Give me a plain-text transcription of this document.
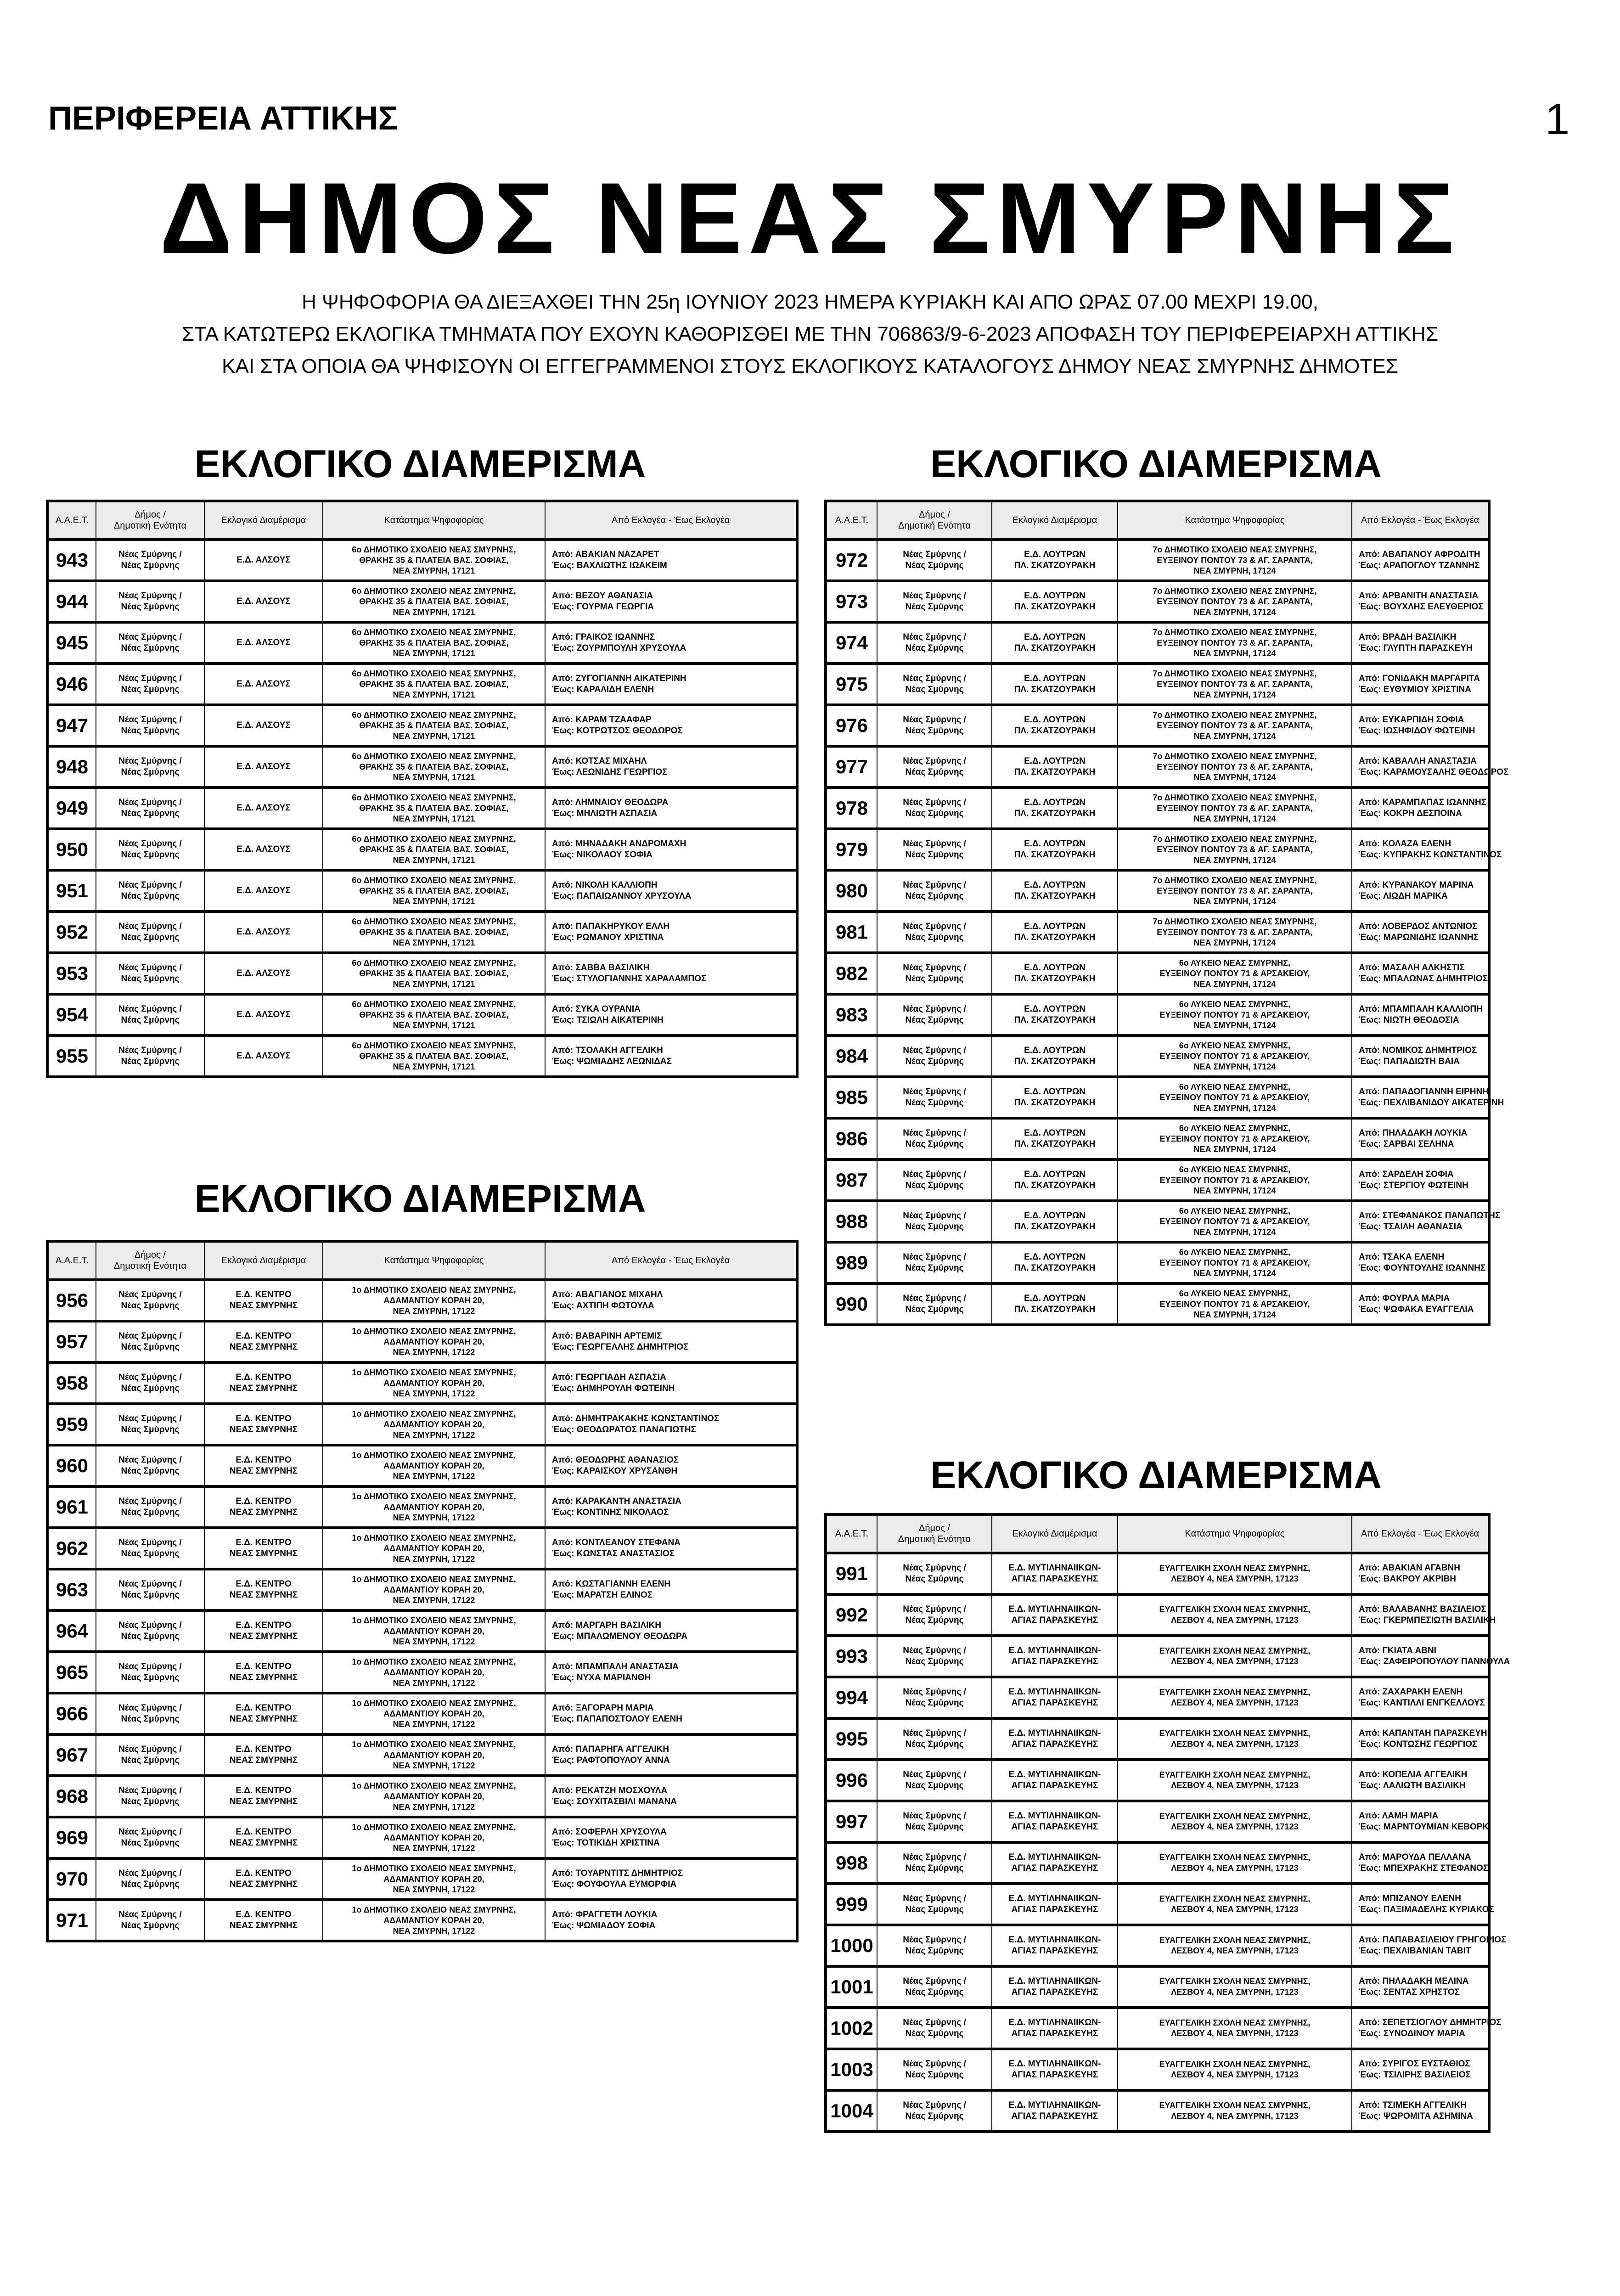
ΠΕΡΙΦΕΡΕΙΑ ΑΤΤΙΚΗΣ	1
ΔΗΜΟΣ ΝΕΑΣ ΣΜΥΡΝΗΣ
Η ΨΗΦΟΦΟΡΙΑ ΘΑ ΔΙΕΞΑΧΘΕΙ ΤΗΝ 25η ΙΟΥΝΙΟΥ 2023 ΗΜΕΡΑ ΚΥΡΙΑΚΗ ΚΑΙ ΑΠΟ ΩΡΑΣ 07.00 ΜΕΧΡΙ 19.00,
ΣΤΑ ΚΑΤΩΤΕΡΩ ΕΚΛΟΓΙΚΑ ΤΜΗΜΑΤΑ ΠΟΥ ΕΧΟΥΝ ΚΑΘΟΡΙΣΘΕΙ ΜΕ ΤΗΝ 706863/9-6-2023 ΑΠΟΦΑΣΗ ΤΟΥ ΠΕΡΙΦΕΡΕΙΑΡΧΗ ΑΤΤΙΚΗΣ
ΚΑΙ ΣΤΑ ΟΠΟΙΑ ΘΑ ΨΗΦΙΣΟΥΝ ΟΙ ΕΓΓΕΓΡΑΜΜΕΝΟΙ ΣΤΟΥΣ ΕΚΛΟΓΙΚΟΥΣ ΚΑΤΑΛΟΓΟΥΣ ΔΗΜΟΥ ΝΕΑΣ ΣΜΥΡΝΗΣ ΔΗΜΟΤΕΣ
ΕΚΛΟΓΙΚΟ ΔΙΑΜΕΡΙΣΜΑ
ΕΚΛΟΓΙΚΟ ΔΙΑΜΕΡΙΣΜΑ
ΕΚΛΟΓΙΚΟ ΔΙΑΜΕΡΙΣΜΑ
ΕΚΛΟΓΙΚΟ ΔΙΑΜΕΡΙΣΜΑ
Α.Α.Ε.Τ.	Δήμος /
Δημοτική Ενότητα	Εκλογικό Διαμέρισμα	Κατάστημα Ψηφοφορίας	Από Εκλογέα - Έως Εκλογέα
943	Νέας Σμύρνης /
Νέας Σμύρνης	Ε.Δ. ΑΛΣΟΥΣ	6ο ΔΗΜΟΤΙΚΟ ΣΧΟΛΕΙΟ ΝΕΑΣ ΣΜΥΡΝΗΣ,
ΘΡΑΚΗΣ 35 & ΠΛΑΤΕΙΑ ΒΑΣ. ΣΟΦΙΑΣ,
ΝΕΑ ΣΜΥΡΝΗ, 17121	Από: ΑΒΑΚΙΑΝ ΝΑΖΑΡΕΤ
Έως: ΒΑΧΛΙΩΤΗΣ ΙΩΑΚΕΙΜ

944	Νέας Σμύρνης /
Νέας Σμύρνης	Ε.Δ. ΑΛΣΟΥΣ	6ο ΔΗΜΟΤΙΚΟ ΣΧΟΛΕΙΟ ΝΕΑΣ ΣΜΥΡΝΗΣ,
ΘΡΑΚΗΣ 35 & ΠΛΑΤΕΙΑ ΒΑΣ. ΣΟΦΙΑΣ,
ΝΕΑ ΣΜΥΡΝΗ, 17121	Από: ΒΕΖΟΥ ΑΘΑΝΑΣΙΑ
Έως: ΓΟΥΡΜΑ ΓΕΩΡΓΙΑ

945	Νέας Σμύρνης /
Νέας Σμύρνης	Ε.Δ. ΑΛΣΟΥΣ	6ο ΔΗΜΟΤΙΚΟ ΣΧΟΛΕΙΟ ΝΕΑΣ ΣΜΥΡΝΗΣ,
ΘΡΑΚΗΣ 35 & ΠΛΑΤΕΙΑ ΒΑΣ. ΣΟΦΙΑΣ,
ΝΕΑ ΣΜΥΡΝΗ, 17121	Από: ΓΡΑΙΚΟΣ ΙΩΑΝΝΗΣ
Έως: ΖΟΥΡΜΠΟΥΛΗ ΧΡΥΣΟΥΛΑ

946	Νέας Σμύρνης /
Νέας Σμύρνης	Ε.Δ. ΑΛΣΟΥΣ	6ο ΔΗΜΟΤΙΚΟ ΣΧΟΛΕΙΟ ΝΕΑΣ ΣΜΥΡΝΗΣ,
ΘΡΑΚΗΣ 35 & ΠΛΑΤΕΙΑ ΒΑΣ. ΣΟΦΙΑΣ,
ΝΕΑ ΣΜΥΡΝΗ, 17121	Από: ΖΥΓΟΓΙΑΝΝΗ ΑΙΚΑΤΕΡΙΝΗ
Έως: ΚΑΡΑΛΙΔΗ ΕΛΕΝΗ

947	Νέας Σμύρνης /
Νέας Σμύρνης	Ε.Δ. ΑΛΣΟΥΣ	6ο ΔΗΜΟΤΙΚΟ ΣΧΟΛΕΙΟ ΝΕΑΣ ΣΜΥΡΝΗΣ,
ΘΡΑΚΗΣ 35 & ΠΛΑΤΕΙΑ ΒΑΣ. ΣΟΦΙΑΣ,
ΝΕΑ ΣΜΥΡΝΗ, 17121	Από: ΚΑΡΑΜ ΤΖΑΑΦΑΡ
Έως: ΚΟΤΡΩΤΣΟΣ ΘΕΟΔΩΡΟΣ

948	Νέας Σμύρνης /
Νέας Σμύρνης	Ε.Δ. ΑΛΣΟΥΣ	6ο ΔΗΜΟΤΙΚΟ ΣΧΟΛΕΙΟ ΝΕΑΣ ΣΜΥΡΝΗΣ,
ΘΡΑΚΗΣ 35 & ΠΛΑΤΕΙΑ ΒΑΣ. ΣΟΦΙΑΣ,
ΝΕΑ ΣΜΥΡΝΗ, 17121	Από: ΚΟΤΣΑΣ ΜΙΧΑΗΛ
Έως: ΛΕΩΝΙΔΗΣ ΓΕΩΡΓΙΟΣ

949	Νέας Σμύρνης /
Νέας Σμύρνης	Ε.Δ. ΑΛΣΟΥΣ	6ο ΔΗΜΟΤΙΚΟ ΣΧΟΛΕΙΟ ΝΕΑΣ ΣΜΥΡΝΗΣ,
ΘΡΑΚΗΣ 35 & ΠΛΑΤΕΙΑ ΒΑΣ. ΣΟΦΙΑΣ,
ΝΕΑ ΣΜΥΡΝΗ, 17121	Από: ΛΗΜΝΑΙΟΥ ΘΕΟΔΩΡΑ
Έως: ΜΗΛΙΩΤΗ ΑΣΠΑΣΙΑ

950	Νέας Σμύρνης /
Νέας Σμύρνης	Ε.Δ. ΑΛΣΟΥΣ	6ο ΔΗΜΟΤΙΚΟ ΣΧΟΛΕΙΟ ΝΕΑΣ ΣΜΥΡΝΗΣ,
ΘΡΑΚΗΣ 35 & ΠΛΑΤΕΙΑ ΒΑΣ. ΣΟΦΙΑΣ,
ΝΕΑ ΣΜΥΡΝΗ, 17121	Από: ΜΗΝΑΔΑΚΗ ΑΝΔΡΟΜΑΧΗ
Έως: ΝΙΚΟΛΑΟΥ ΣΟΦΙΑ

951	Νέας Σμύρνης /
Νέας Σμύρνης	Ε.Δ. ΑΛΣΟΥΣ	6ο ΔΗΜΟΤΙΚΟ ΣΧΟΛΕΙΟ ΝΕΑΣ ΣΜΥΡΝΗΣ,
ΘΡΑΚΗΣ 35 & ΠΛΑΤΕΙΑ ΒΑΣ. ΣΟΦΙΑΣ,
ΝΕΑ ΣΜΥΡΝΗ, 17121	Από: ΝΙΚΟΛΗ ΚΑΛΛΙΟΠΗ
Έως: ΠΑΠΑΙΩΑΝΝΟΥ ΧΡΥΣΟΥΛΑ

952	Νέας Σμύρνης /
Νέας Σμύρνης	Ε.Δ. ΑΛΣΟΥΣ	6ο ΔΗΜΟΤΙΚΟ ΣΧΟΛΕΙΟ ΝΕΑΣ ΣΜΥΡΝΗΣ,
ΘΡΑΚΗΣ 35 & ΠΛΑΤΕΙΑ ΒΑΣ. ΣΟΦΙΑΣ,
ΝΕΑ ΣΜΥΡΝΗ, 17121	Από: ΠΑΠΑΚΗΡΥΚΟΥ ΕΛΛΗ
Έως: ΡΩΜΑΝΟΥ ΧΡΙΣΤΙΝΑ

953	Νέας Σμύρνης /
Νέας Σμύρνης	Ε.Δ. ΑΛΣΟΥΣ	6ο ΔΗΜΟΤΙΚΟ ΣΧΟΛΕΙΟ ΝΕΑΣ ΣΜΥΡΝΗΣ,
ΘΡΑΚΗΣ 35 & ΠΛΑΤΕΙΑ ΒΑΣ. ΣΟΦΙΑΣ,
ΝΕΑ ΣΜΥΡΝΗ, 17121	Από: ΣΑΒΒΑ ΒΑΣΙΛΙΚΗ
Έως: ΣΤΥΛΟΓΙΑΝΝΗΣ ΧΑΡΑΛΑΜΠΟΣ

954	Νέας Σμύρνης /
Νέας Σμύρνης	Ε.Δ. ΑΛΣΟΥΣ	6ο ΔΗΜΟΤΙΚΟ ΣΧΟΛΕΙΟ ΝΕΑΣ ΣΜΥΡΝΗΣ,
ΘΡΑΚΗΣ 35 & ΠΛΑΤΕΙΑ ΒΑΣ. ΣΟΦΙΑΣ,
ΝΕΑ ΣΜΥΡΝΗ, 17121	Από: ΣΥΚΑ ΟΥΡΑΝΙΑ
Έως: ΤΣΙΩΛΗ ΑΙΚΑΤΕΡΙΝΗ

955	Νέας Σμύρνης /
Νέας Σμύρνης	Ε.Δ. ΑΛΣΟΥΣ	6ο ΔΗΜΟΤΙΚΟ ΣΧΟΛΕΙΟ ΝΕΑΣ ΣΜΥΡΝΗΣ,
ΘΡΑΚΗΣ 35 & ΠΛΑΤΕΙΑ ΒΑΣ. ΣΟΦΙΑΣ,
ΝΕΑ ΣΜΥΡΝΗ, 17121	Από: ΤΣΟΛΑΚΗ ΑΓΓΕΛΙΚΗ
Έως: ΨΩΜΙΑΔΗΣ ΛΕΩΝΙΔΑΣ
Α.Α.Ε.Τ.	Δήμος /
Δημοτική Ενότητα	Εκλογικό Διαμέρισμα	Κατάστημα Ψηφοφορίας	Από Εκλογέα - Έως Εκλογέα
956	Νέας Σμύρνης /
Νέας Σμύρνης	Ε.Δ. ΚΕΝΤΡΟ
ΝΕΑΣ ΣΜΥΡΝΗΣ	1ο ΔΗΜΟΤΙΚΟ ΣΧΟΛΕΙΟ ΝΕΑΣ ΣΜΥΡΝΗΣ,
ΑΔΑΜΑΝΤΙΟΥ ΚΟΡΑΗ 20,
ΝΕΑ ΣΜΥΡΝΗ, 17122	Από: ΑΒΑΓΙΑΝΟΣ ΜΙΧΑΗΛ
Έως: ΑΧΤΙΠΗ ΦΩΤΟΥΛΑ

957	Νέας Σμύρνης /
Νέας Σμύρνης	Ε.Δ. ΚΕΝΤΡΟ
ΝΕΑΣ ΣΜΥΡΝΗΣ	1ο ΔΗΜΟΤΙΚΟ ΣΧΟΛΕΙΟ ΝΕΑΣ ΣΜΥΡΝΗΣ,
ΑΔΑΜΑΝΤΙΟΥ ΚΟΡΑΗ 20,
ΝΕΑ ΣΜΥΡΝΗ, 17122	Από: ΒΑΒΑΡΙΝΗ ΑΡΤΕΜΙΣ
Έως: ΓΕΩΡΓΕΛΛΗΣ ΔΗΜΗΤΡΙΟΣ

958	Νέας Σμύρνης /
Νέας Σμύρνης	Ε.Δ. ΚΕΝΤΡΟ
ΝΕΑΣ ΣΜΥΡΝΗΣ	1ο ΔΗΜΟΤΙΚΟ ΣΧΟΛΕΙΟ ΝΕΑΣ ΣΜΥΡΝΗΣ,
ΑΔΑΜΑΝΤΙΟΥ ΚΟΡΑΗ 20,
ΝΕΑ ΣΜΥΡΝΗ, 17122	Από: ΓΕΩΡΓΙΑΔΗ ΑΣΠΑΣΙΑ
Έως: ΔΗΜΗΡΟΥΛΗ ΦΩΤΕΙΝΗ

959	Νέας Σμύρνης /
Νέας Σμύρνης	Ε.Δ. ΚΕΝΤΡΟ
ΝΕΑΣ ΣΜΥΡΝΗΣ	1ο ΔΗΜΟΤΙΚΟ ΣΧΟΛΕΙΟ ΝΕΑΣ ΣΜΥΡΝΗΣ,
ΑΔΑΜΑΝΤΙΟΥ ΚΟΡΑΗ 20,
ΝΕΑ ΣΜΥΡΝΗ, 17122	Από: ΔΗΜΗΤΡΑΚΑΚΗΣ ΚΩΝΣΤΑΝΤΙΝΟΣ
Έως: ΘΕΟΔΩΡΑΤΟΣ ΠΑΝΑΓΙΩΤΗΣ

960	Νέας Σμύρνης /
Νέας Σμύρνης	Ε.Δ. ΚΕΝΤΡΟ
ΝΕΑΣ ΣΜΥΡΝΗΣ	1ο ΔΗΜΟΤΙΚΟ ΣΧΟΛΕΙΟ ΝΕΑΣ ΣΜΥΡΝΗΣ,
ΑΔΑΜΑΝΤΙΟΥ ΚΟΡΑΗ 20,
ΝΕΑ ΣΜΥΡΝΗ, 17122	Από: ΘΕΟΔΩΡΗΣ ΑΘΑΝΑΣΙΟΣ
Έως: ΚΑΡΑΙΣΚΟΥ ΧΡΥΣΑΝΘΗ

961	Νέας Σμύρνης /
Νέας Σμύρνης	Ε.Δ. ΚΕΝΤΡΟ
ΝΕΑΣ ΣΜΥΡΝΗΣ	1ο ΔΗΜΟΤΙΚΟ ΣΧΟΛΕΙΟ ΝΕΑΣ ΣΜΥΡΝΗΣ,
ΑΔΑΜΑΝΤΙΟΥ ΚΟΡΑΗ 20,
ΝΕΑ ΣΜΥΡΝΗ, 17122	Από: ΚΑΡΑΚΑΝΤΗ ΑΝΑΣΤΑΣΙΑ
Έως: ΚΟΝΤΙΝΗΣ ΝΙΚΟΛΑΟΣ

962	Νέας Σμύρνης /
Νέας Σμύρνης	Ε.Δ. ΚΕΝΤΡΟ
ΝΕΑΣ ΣΜΥΡΝΗΣ	1ο ΔΗΜΟΤΙΚΟ ΣΧΟΛΕΙΟ ΝΕΑΣ ΣΜΥΡΝΗΣ,
ΑΔΑΜΑΝΤΙΟΥ ΚΟΡΑΗ 20,
ΝΕΑ ΣΜΥΡΝΗ, 17122	Από: ΚΟΝΤΛΕΑΝΟΥ ΣΤΕΦΑΝΑ
Έως: ΚΩΝΣΤΑΣ ΑΝΑΣΤΑΣΙΟΣ

963	Νέας Σμύρνης /
Νέας Σμύρνης	Ε.Δ. ΚΕΝΤΡΟ
ΝΕΑΣ ΣΜΥΡΝΗΣ	1ο ΔΗΜΟΤΙΚΟ ΣΧΟΛΕΙΟ ΝΕΑΣ ΣΜΥΡΝΗΣ,
ΑΔΑΜΑΝΤΙΟΥ ΚΟΡΑΗ 20,
ΝΕΑ ΣΜΥΡΝΗ, 17122	Από: ΚΩΣΤΑΓΙΑΝΝΗ ΕΛΕΝΗ
Έως: ΜΑΡΑΤΣΗ ΕΛΙΝΟΣ

964	Νέας Σμύρνης /
Νέας Σμύρνης	Ε.Δ. ΚΕΝΤΡΟ
ΝΕΑΣ ΣΜΥΡΝΗΣ	1ο ΔΗΜΟΤΙΚΟ ΣΧΟΛΕΙΟ ΝΕΑΣ ΣΜΥΡΝΗΣ,
ΑΔΑΜΑΝΤΙΟΥ ΚΟΡΑΗ 20,
ΝΕΑ ΣΜΥΡΝΗ, 17122	Από: ΜΑΡΓΑΡΗ ΒΑΣΙΛΙΚΗ
Έως: ΜΠΑΛΩΜΕΝΟΥ ΘΕΟΔΩΡΑ

965	Νέας Σμύρνης /
Νέας Σμύρνης	Ε.Δ. ΚΕΝΤΡΟ
ΝΕΑΣ ΣΜΥΡΝΗΣ	1ο ΔΗΜΟΤΙΚΟ ΣΧΟΛΕΙΟ ΝΕΑΣ ΣΜΥΡΝΗΣ,
ΑΔΑΜΑΝΤΙΟΥ ΚΟΡΑΗ 20,
ΝΕΑ ΣΜΥΡΝΗ, 17122	Από: ΜΠΑΜΠΑΛΗ ΑΝΑΣΤΑΣΙΑ
Έως: ΝΥΧΑ ΜΑΡΙΑΝΘΗ

966	Νέας Σμύρνης /
Νέας Σμύρνης	Ε.Δ. ΚΕΝΤΡΟ
ΝΕΑΣ ΣΜΥΡΝΗΣ	1ο ΔΗΜΟΤΙΚΟ ΣΧΟΛΕΙΟ ΝΕΑΣ ΣΜΥΡΝΗΣ,
ΑΔΑΜΑΝΤΙΟΥ ΚΟΡΑΗ 20,
ΝΕΑ ΣΜΥΡΝΗ, 17122	Από: ΞΑΓΟΡΑΡΗ ΜΑΡΙΑ
Έως: ΠΑΠΑΠΟΣΤΟΛΟΥ ΕΛΕΝΗ

967	Νέας Σμύρνης /
Νέας Σμύρνης	Ε.Δ. ΚΕΝΤΡΟ
ΝΕΑΣ ΣΜΥΡΝΗΣ	1ο ΔΗΜΟΤΙΚΟ ΣΧΟΛΕΙΟ ΝΕΑΣ ΣΜΥΡΝΗΣ,
ΑΔΑΜΑΝΤΙΟΥ ΚΟΡΑΗ 20,
ΝΕΑ ΣΜΥΡΝΗ, 17122	Από: ΠΑΠΑΡΗΓΑ ΑΓΓΕΛΙΚΗ
Έως: ΡΑΦΤΟΠΟΥΛΟΥ ΑΝΝΑ

968	Νέας Σμύρνης /
Νέας Σμύρνης	Ε.Δ. ΚΕΝΤΡΟ
ΝΕΑΣ ΣΜΥΡΝΗΣ	1ο ΔΗΜΟΤΙΚΟ ΣΧΟΛΕΙΟ ΝΕΑΣ ΣΜΥΡΝΗΣ,
ΑΔΑΜΑΝΤΙΟΥ ΚΟΡΑΗ 20,
ΝΕΑ ΣΜΥΡΝΗ, 17122	Από: ΡΕΚΑΤΖΗ ΜΟΣΧΟΥΛΑ
Έως: ΣΟΥΧΙΤΑΣΒΙΛΙ ΜΑΝΑΝΑ

969	Νέας Σμύρνης /
Νέας Σμύρνης	Ε.Δ. ΚΕΝΤΡΟ
ΝΕΑΣ ΣΜΥΡΝΗΣ	1ο ΔΗΜΟΤΙΚΟ ΣΧΟΛΕΙΟ ΝΕΑΣ ΣΜΥΡΝΗΣ,
ΑΔΑΜΑΝΤΙΟΥ ΚΟΡΑΗ 20,
ΝΕΑ ΣΜΥΡΝΗ, 17122	Από: ΣΟΦΕΡΛΗ ΧΡΥΣΟΥΛΑ
Έως: ΤΟΤΙΚΙΔΗ ΧΡΙΣΤΙΝΑ

970	Νέας Σμύρνης /
Νέας Σμύρνης	Ε.Δ. ΚΕΝΤΡΟ
ΝΕΑΣ ΣΜΥΡΝΗΣ	1ο ΔΗΜΟΤΙΚΟ ΣΧΟΛΕΙΟ ΝΕΑΣ ΣΜΥΡΝΗΣ,
ΑΔΑΜΑΝΤΙΟΥ ΚΟΡΑΗ 20,
ΝΕΑ ΣΜΥΡΝΗ, 17122	Από: ΤΟΥΑΡΝΤΙΤΣ ΔΗΜΗΤΡΙΟΣ
Έως: ΦΟΥΦΟΥΛΑ ΕΥΜΟΡΦΙΑ

971	Νέας Σμύρνης /
Νέας Σμύρνης	Ε.Δ. ΚΕΝΤΡΟ
ΝΕΑΣ ΣΜΥΡΝΗΣ	1ο ΔΗΜΟΤΙΚΟ ΣΧΟΛΕΙΟ ΝΕΑΣ ΣΜΥΡΝΗΣ,
ΑΔΑΜΑΝΤΙΟΥ ΚΟΡΑΗ 20,
ΝΕΑ ΣΜΥΡΝΗ, 17122	Από: ΦΡΑΓΓΕΤΗ ΛΟΥΚΙΑ
Έως: ΨΩΜΙΑΔΟΥ ΣΟΦΙΑ
Α.Α.Ε.Τ.	Δήμος /
Δημοτική Ενότητα	Εκλογικό Διαμέρισμα	Κατάστημα Ψηφοφορίας	Από Εκλογέα - Έως Εκλογέα
972	Νέας Σμύρνης /
Νέας Σμύρνης	Ε.Δ. ΛΟΥΤΡΩΝ
ΠΛ. ΣΚΑΤΖΟΥΡΑΚΗ	7ο ΔΗΜΟΤΙΚΟ ΣΧΟΛΕΙΟ ΝΕΑΣ ΣΜΥΡΝΗΣ,
ΕΥΞΕΙΝΟΥ ΠΟΝΤΟΥ 73 & ΑΓ. ΣΑΡΑΝΤΑ,
ΝΕΑ ΣΜΥΡΝΗ, 17124	Από: ΑΒΑΠΑΝΟΥ ΑΦΡΟΔΙΤΗ
Έως: ΑΡΑΠΟΓΛΟΥ ΤΖΑΝΝΗΣ

973	Νέας Σμύρνης /
Νέας Σμύρνης	Ε.Δ. ΛΟΥΤΡΩΝ
ΠΛ. ΣΚΑΤΖΟΥΡΑΚΗ	7ο ΔΗΜΟΤΙΚΟ ΣΧΟΛΕΙΟ ΝΕΑΣ ΣΜΥΡΝΗΣ,
ΕΥΞΕΙΝΟΥ ΠΟΝΤΟΥ 73 & ΑΓ. ΣΑΡΑΝΤΑ,
ΝΕΑ ΣΜΥΡΝΗ, 17124	Από: ΑΡΒΑΝΙΤΗ ΑΝΑΣΤΑΣΙΑ
Έως: ΒΟΥΧΛΗΣ ΕΛΕΥΘΕΡΙΟΣ

974	Νέας Σμύρνης /
Νέας Σμύρνης	Ε.Δ. ΛΟΥΤΡΩΝ
ΠΛ. ΣΚΑΤΖΟΥΡΑΚΗ	7ο ΔΗΜΟΤΙΚΟ ΣΧΟΛΕΙΟ ΝΕΑΣ ΣΜΥΡΝΗΣ,
ΕΥΞΕΙΝΟΥ ΠΟΝΤΟΥ 73 & ΑΓ. ΣΑΡΑΝΤΑ,
ΝΕΑ ΣΜΥΡΝΗ, 17124	Από: ΒΡΑΔΗ ΒΑΣΙΛΙΚΗ
Έως: ΓΛΥΠΤΗ ΠΑΡΑΣΚΕΥΗ

975	Νέας Σμύρνης /
Νέας Σμύρνης	Ε.Δ. ΛΟΥΤΡΩΝ
ΠΛ. ΣΚΑΤΖΟΥΡΑΚΗ	7ο ΔΗΜΟΤΙΚΟ ΣΧΟΛΕΙΟ ΝΕΑΣ ΣΜΥΡΝΗΣ,
ΕΥΞΕΙΝΟΥ ΠΟΝΤΟΥ 73 & ΑΓ. ΣΑΡΑΝΤΑ,
ΝΕΑ ΣΜΥΡΝΗ, 17124	Από: ΓΟΝΙΔΑΚΗ ΜΑΡΓΑΡΙΤΑ
Έως: ΕΥΘΥΜΙΟΥ ΧΡΙΣΤΙΝΑ

976	Νέας Σμύρνης /
Νέας Σμύρνης	Ε.Δ. ΛΟΥΤΡΩΝ
ΠΛ. ΣΚΑΤΖΟΥΡΑΚΗ	7ο ΔΗΜΟΤΙΚΟ ΣΧΟΛΕΙΟ ΝΕΑΣ ΣΜΥΡΝΗΣ,
ΕΥΞΕΙΝΟΥ ΠΟΝΤΟΥ 73 & ΑΓ. ΣΑΡΑΝΤΑ,
ΝΕΑ ΣΜΥΡΝΗ, 17124	Από: ΕΥΚΑΡΠΙΔΗ ΣΟΦΙΑ
Έως: ΙΩΣΗΦΙΔΟΥ ΦΩΤΕΙΝΗ

977	Νέας Σμύρνης /
Νέας Σμύρνης	Ε.Δ. ΛΟΥΤΡΩΝ
ΠΛ. ΣΚΑΤΖΟΥΡΑΚΗ	7ο ΔΗΜΟΤΙΚΟ ΣΧΟΛΕΙΟ ΝΕΑΣ ΣΜΥΡΝΗΣ,
ΕΥΞΕΙΝΟΥ ΠΟΝΤΟΥ 73 & ΑΓ. ΣΑΡΑΝΤΑ,
ΝΕΑ ΣΜΥΡΝΗ, 17124	Από: ΚΑΒΑΛΛΗ ΑΝΑΣΤΑΣΙΑ
Έως: ΚΑΡΑΜΟΥΣΑΛΗΣ ΘΕΟΔΩΡΟΣ

978	Νέας Σμύρνης /
Νέας Σμύρνης	Ε.Δ. ΛΟΥΤΡΩΝ
ΠΛ. ΣΚΑΤΖΟΥΡΑΚΗ	7ο ΔΗΜΟΤΙΚΟ ΣΧΟΛΕΙΟ ΝΕΑΣ ΣΜΥΡΝΗΣ,
ΕΥΞΕΙΝΟΥ ΠΟΝΤΟΥ 73 & ΑΓ. ΣΑΡΑΝΤΑ,
ΝΕΑ ΣΜΥΡΝΗ, 17124	Από: ΚΑΡΑΜΠΑΠΑΣ ΙΩΑΝΝΗΣ
Έως: ΚΟΚΡΗ ΔΕΣΠΟΙΝΑ

979	Νέας Σμύρνης /
Νέας Σμύρνης	Ε.Δ. ΛΟΥΤΡΩΝ
ΠΛ. ΣΚΑΤΖΟΥΡΑΚΗ	7ο ΔΗΜΟΤΙΚΟ ΣΧΟΛΕΙΟ ΝΕΑΣ ΣΜΥΡΝΗΣ,
ΕΥΞΕΙΝΟΥ ΠΟΝΤΟΥ 73 & ΑΓ. ΣΑΡΑΝΤΑ,
ΝΕΑ ΣΜΥΡΝΗ, 17124	Από: ΚΟΛΑΖΑ ΕΛΕΝΗ
Έως: ΚΥΠΡΑΚΗΣ ΚΩΝΣΤΑΝΤΙΝΟΣ

980	Νέας Σμύρνης /
Νέας Σμύρνης	Ε.Δ. ΛΟΥΤΡΩΝ
ΠΛ. ΣΚΑΤΖΟΥΡΑΚΗ	7ο ΔΗΜΟΤΙΚΟ ΣΧΟΛΕΙΟ ΝΕΑΣ ΣΜΥΡΝΗΣ,
ΕΥΞΕΙΝΟΥ ΠΟΝΤΟΥ 73 & ΑΓ. ΣΑΡΑΝΤΑ,
ΝΕΑ ΣΜΥΡΝΗ, 17124	Από: ΚΥΡΑΝΑΚΟΥ ΜΑΡΙΝΑ
Έως: ΛΙΩΔΗ ΜΑΡΙΚΑ

981	Νέας Σμύρνης /
Νέας Σμύρνης	Ε.Δ. ΛΟΥΤΡΩΝ
ΠΛ. ΣΚΑΤΖΟΥΡΑΚΗ	7ο ΔΗΜΟΤΙΚΟ ΣΧΟΛΕΙΟ ΝΕΑΣ ΣΜΥΡΝΗΣ,
ΕΥΞΕΙΝΟΥ ΠΟΝΤΟΥ 73 & ΑΓ. ΣΑΡΑΝΤΑ,
ΝΕΑ ΣΜΥΡΝΗ, 17124	Από: ΛΟΒΕΡΔΟΣ ΑΝΤΩΝΙΟΣ
Έως: ΜΑΡΩΝΙΔΗΣ ΙΩΑΝΝΗΣ

982	Νέας Σμύρνης /
Νέας Σμύρνης	Ε.Δ. ΛΟΥΤΡΩΝ
ΠΛ. ΣΚΑΤΖΟΥΡΑΚΗ	6ο ΛΥΚΕΙΟ ΝΕΑΣ ΣΜΥΡΝΗΣ,
ΕΥΞΕΙΝΟΥ ΠΟΝΤΟΥ 71 & ΑΡΣΑΚΕΙΟΥ,
ΝΕΑ ΣΜΥΡΝΗ, 17124	Από: ΜΑΣΑΛΗ ΑΛΚΗΣΤΙΣ
Έως: ΜΠΑΛΩΝΑΣ ΔΗΜΗΤΡΙΟΣ

983	Νέας Σμύρνης /
Νέας Σμύρνης	Ε.Δ. ΛΟΥΤΡΩΝ
ΠΛ. ΣΚΑΤΖΟΥΡΑΚΗ	6ο ΛΥΚΕΙΟ ΝΕΑΣ ΣΜΥΡΝΗΣ,
ΕΥΞΕΙΝΟΥ ΠΟΝΤΟΥ 71 & ΑΡΣΑΚΕΙΟΥ,
ΝΕΑ ΣΜΥΡΝΗ, 17124	Από: ΜΠΑΜΠΑΛΗ ΚΑΛΛΙΟΠΗ
Έως: ΝΙΩΤΗ ΘΕΟΔΟΣΙΑ

984	Νέας Σμύρνης /
Νέας Σμύρνης	Ε.Δ. ΛΟΥΤΡΩΝ
ΠΛ. ΣΚΑΤΖΟΥΡΑΚΗ	6ο ΛΥΚΕΙΟ ΝΕΑΣ ΣΜΥΡΝΗΣ,
ΕΥΞΕΙΝΟΥ ΠΟΝΤΟΥ 71 & ΑΡΣΑΚΕΙΟΥ,
ΝΕΑ ΣΜΥΡΝΗ, 17124	Από: ΝΟΜΙΚΟΣ ΔΗΜΗΤΡΙΟΣ
Έως: ΠΑΠΑΔΙΩΤΗ ΒΑΙΑ

985	Νέας Σμύρνης /
Νέας Σμύρνης	Ε.Δ. ΛΟΥΤΡΩΝ
ΠΛ. ΣΚΑΤΖΟΥΡΑΚΗ	6ο ΛΥΚΕΙΟ ΝΕΑΣ ΣΜΥΡΝΗΣ,
ΕΥΞΕΙΝΟΥ ΠΟΝΤΟΥ 71 & ΑΡΣΑΚΕΙΟΥ,
ΝΕΑ ΣΜΥΡΝΗ, 17124	Από: ΠΑΠΑΔΟΓΙΑΝΝΗ ΕΙΡΗΝΗ
Έως: ΠΕΧΛΙΒΑΝΙΔΟΥ ΑΙΚΑΤΕΡΙΝΗ

986	Νέας Σμύρνης /
Νέας Σμύρνης	Ε.Δ. ΛΟΥΤΡΩΝ
ΠΛ. ΣΚΑΤΖΟΥΡΑΚΗ	6ο ΛΥΚΕΙΟ ΝΕΑΣ ΣΜΥΡΝΗΣ,
ΕΥΞΕΙΝΟΥ ΠΟΝΤΟΥ 71 & ΑΡΣΑΚΕΙΟΥ,
ΝΕΑ ΣΜΥΡΝΗ, 17124	Από: ΠΗΛΑΔΑΚΗ ΛΟΥΚΙΑ
Έως: ΣΑΡΒΑΙ ΣΕΛΗΝΑ

987	Νέας Σμύρνης /
Νέας Σμύρνης	Ε.Δ. ΛΟΥΤΡΩΝ
ΠΛ. ΣΚΑΤΖΟΥΡΑΚΗ	6ο ΛΥΚΕΙΟ ΝΕΑΣ ΣΜΥΡΝΗΣ,
ΕΥΞΕΙΝΟΥ ΠΟΝΤΟΥ 71 & ΑΡΣΑΚΕΙΟΥ,
ΝΕΑ ΣΜΥΡΝΗ, 17124	Από: ΣΑΡΔΕΛΗ ΣΟΦΙΑ
Έως: ΣΤΕΡΓΙΟΥ ΦΩΤΕΙΝΗ

988	Νέας Σμύρνης /
Νέας Σμύρνης	Ε.Δ. ΛΟΥΤΡΩΝ
ΠΛ. ΣΚΑΤΖΟΥΡΑΚΗ	6ο ΛΥΚΕΙΟ ΝΕΑΣ ΣΜΥΡΝΗΣ,
ΕΥΞΕΙΝΟΥ ΠΟΝΤΟΥ 71 & ΑΡΣΑΚΕΙΟΥ,
ΝΕΑ ΣΜΥΡΝΗ, 17124	Από: ΣΤΕΦΑΝΑΚΟΣ ΠΑΝΑΠΩΤΗΣ
Έως: ΤΣΑΙΛΗ ΑΘΑΝΑΣΙΑ

989	Νέας Σμύρνης /
Νέας Σμύρνης	Ε.Δ. ΛΟΥΤΡΩΝ
ΠΛ. ΣΚΑΤΖΟΥΡΑΚΗ	6ο ΛΥΚΕΙΟ ΝΕΑΣ ΣΜΥΡΝΗΣ,
ΕΥΞΕΙΝΟΥ ΠΟΝΤΟΥ 71 & ΑΡΣΑΚΕΙΟΥ,
ΝΕΑ ΣΜΥΡΝΗ, 17124	Από: ΤΣΑΚΑ ΕΛΕΝΗ
Έως: ΦΟΥΝΤΟΥΛΗΣ ΙΩΑΝΝΗΣ

990	Νέας Σμύρνης /
Νέας Σμύρνης	Ε.Δ. ΛΟΥΤΡΩΝ
ΠΛ. ΣΚΑΤΖΟΥΡΑΚΗ	6ο ΛΥΚΕΙΟ ΝΕΑΣ ΣΜΥΡΝΗΣ,
ΕΥΞΕΙΝΟΥ ΠΟΝΤΟΥ 71 & ΑΡΣΑΚΕΙΟΥ,
ΝΕΑ ΣΜΥΡΝΗ, 17124	Από: ΦΟΥΡΛΑ ΜΑΡΙΑ
Έως: ΨΩΦΑΚΑ ΕΥΑΓΓΕΛΙΑ
Α.Α.Ε.Τ.	Δήμος /
Δημοτική Ενότητα	Εκλογικό Διαμέρισμα	Κατάστημα Ψηφοφορίας	Από Εκλογέα - Έως Εκλογέα
991	Νέας Σμύρνης /
Νέας Σμύρνης	Ε.Δ. ΜΥΤΙΛΗΝΑΙΙΚΩΝ-
ΑΓΙΑΣ ΠΑΡΑΣΚΕΥΗΣ	ΕΥΑΓΓΕΛΙΚΗ ΣΧΟΛΗ ΝΕΑΣ ΣΜΥΡΝΗΣ,
ΛΕΣΒΟΥ 4, ΝΕΑ ΣΜΥΡΝΗ, 17123	Από: ΑΒΑΚΙΑΝ ΑΓΑΒΝΗ
Έως: ΒΑΚΡΟΥ ΑΚΡΙΒΗ

992	Νέας Σμύρνης /
Νέας Σμύρνης	Ε.Δ. ΜΥΤΙΛΗΝΑΙΙΚΩΝ-
ΑΓΙΑΣ ΠΑΡΑΣΚΕΥΗΣ	ΕΥΑΓΓΕΛΙΚΗ ΣΧΟΛΗ ΝΕΑΣ ΣΜΥΡΝΗΣ,
ΛΕΣΒΟΥ 4, ΝΕΑ ΣΜΥΡΝΗ, 17123	Από: ΒΑΛΑΒΑΝΗΣ ΒΑΣΙΛΕΙΟΣ
Έως: ΓΚΕΡΜΠΕΣΙΩΤΗ ΒΑΣΙΛΙΚΗ

993	Νέας Σμύρνης /
Νέας Σμύρνης	Ε.Δ. ΜΥΤΙΛΗΝΑΙΙΚΩΝ-
ΑΓΙΑΣ ΠΑΡΑΣΚΕΥΗΣ	ΕΥΑΓΓΕΛΙΚΗ ΣΧΟΛΗ ΝΕΑΣ ΣΜΥΡΝΗΣ,
ΛΕΣΒΟΥ 4, ΝΕΑ ΣΜΥΡΝΗ, 17123	Από: ΓΚΙΑΤΑ ΑΒΝΙ
Έως: ΖΑΦΕΙΡΟΠΟΥΛΟΥ ΠΑΝΝΟΥΛΑ

994	Νέας Σμύρνης /
Νέας Σμύρνης	Ε.Δ. ΜΥΤΙΛΗΝΑΙΙΚΩΝ-
ΑΓΙΑΣ ΠΑΡΑΣΚΕΥΗΣ	ΕΥΑΓΓΕΛΙΚΗ ΣΧΟΛΗ ΝΕΑΣ ΣΜΥΡΝΗΣ,
ΛΕΣΒΟΥ 4, ΝΕΑ ΣΜΥΡΝΗ, 17123	Από: ΖΑΧΑΡΑΚΗ ΕΛΕΝΗ
Έως: ΚΑΝΤΙΛΛΙ ΕΝΓΚΕΛΛΟΥΣ

995	Νέας Σμύρνης /
Νέας Σμύρνης	Ε.Δ. ΜΥΤΙΛΗΝΑΙΙΚΩΝ-
ΑΓΙΑΣ ΠΑΡΑΣΚΕΥΗΣ	ΕΥΑΓΓΕΛΙΚΗ ΣΧΟΛΗ ΝΕΑΣ ΣΜΥΡΝΗΣ,
ΛΕΣΒΟΥ 4, ΝΕΑ ΣΜΥΡΝΗ, 17123	Από: ΚΑΠΑΝΤΑΗ ΠΑΡΑΣΚΕΥΗ
Έως: ΚΟΝΤΩΣΗΣ ΓΕΩΡΓΙΟΣ

996	Νέας Σμύρνης /
Νέας Σμύρνης	Ε.Δ. ΜΥΤΙΛΗΝΑΙΙΚΩΝ-
ΑΓΙΑΣ ΠΑΡΑΣΚΕΥΗΣ	ΕΥΑΓΓΕΛΙΚΗ ΣΧΟΛΗ ΝΕΑΣ ΣΜΥΡΝΗΣ,
ΛΕΣΒΟΥ 4, ΝΕΑ ΣΜΥΡΝΗ, 17123	Από: ΚΟΠΕΛΙΑ ΑΓΓΕΛΙΚΗ
Έως: ΛΑΛΙΩΤΗ ΒΑΣΙΛΙΚΗ

997	Νέας Σμύρνης /
Νέας Σμύρνης	Ε.Δ. ΜΥΤΙΛΗΝΑΙΙΚΩΝ-
ΑΓΙΑΣ ΠΑΡΑΣΚΕΥΗΣ	ΕΥΑΓΓΕΛΙΚΗ ΣΧΟΛΗ ΝΕΑΣ ΣΜΥΡΝΗΣ,
ΛΕΣΒΟΥ 4, ΝΕΑ ΣΜΥΡΝΗ, 17123	Από: ΛΑΜΗ ΜΑΡΙΑ
Έως: ΜΑΡΝΤΟΥΜΙΑΝ ΚΕΒΟΡΚ

998	Νέας Σμύρνης /
Νέας Σμύρνης	Ε.Δ. ΜΥΤΙΛΗΝΑΙΙΚΩΝ-
ΑΓΙΑΣ ΠΑΡΑΣΚΕΥΗΣ	ΕΥΑΓΓΕΛΙΚΗ ΣΧΟΛΗ ΝΕΑΣ ΣΜΥΡΝΗΣ,
ΛΕΣΒΟΥ 4, ΝΕΑ ΣΜΥΡΝΗ, 17123	Από: ΜΑΡΟΥΔΑ ΠΕΛΛΑΝΑ
Έως: ΜΠΕΧΡΑΚΗΣ ΣΤΕΦΑΝΟΣ

999	Νέας Σμύρνης /
Νέας Σμύρνης	Ε.Δ. ΜΥΤΙΛΗΝΑΙΙΚΩΝ-
ΑΓΙΑΣ ΠΑΡΑΣΚΕΥΗΣ	ΕΥΑΓΓΕΛΙΚΗ ΣΧΟΛΗ ΝΕΑΣ ΣΜΥΡΝΗΣ,
ΛΕΣΒΟΥ 4, ΝΕΑ ΣΜΥΡΝΗ, 17123	Από: ΜΠΙΖΑΝΟΥ ΕΛΕΝΗ
Έως: ΠΑΞΙΜΑΔΕΛΗΣ ΚΥΡΙΑΚΟΣ

1000	Νέας Σμύρνης /
Νέας Σμύρνης	Ε.Δ. ΜΥΤΙΛΗΝΑΙΙΚΩΝ-
ΑΓΙΑΣ ΠΑΡΑΣΚΕΥΗΣ	ΕΥΑΓΓΕΛΙΚΗ ΣΧΟΛΗ ΝΕΑΣ ΣΜΥΡΝΗΣ,
ΛΕΣΒΟΥ 4, ΝΕΑ ΣΜΥΡΝΗ, 17123	Από: ΠΑΠΑΒΑΣΙΛΕΙΟΥ ΓΡΗΓΟΡΙΟΣ
Έως: ΠΕΧΛΙΒΑΝΙΑΝ ΤΑΒΙΤ

1001	Νέας Σμύρνης /
Νέας Σμύρνης	Ε.Δ. ΜΥΤΙΛΗΝΑΙΙΚΩΝ-
ΑΓΙΑΣ ΠΑΡΑΣΚΕΥΗΣ	ΕΥΑΓΓΕΛΙΚΗ ΣΧΟΛΗ ΝΕΑΣ ΣΜΥΡΝΗΣ,
ΛΕΣΒΟΥ 4, ΝΕΑ ΣΜΥΡΝΗ, 17123	Από: ΠΗΛΑΔΑΚΗ ΜΕΛΙΝΑ
Έως: ΣΕΝΤΑΣ ΧΡΗΣΤΟΣ

1002	Νέας Σμύρνης /
Νέας Σμύρνης	Ε.Δ. ΜΥΤΙΛΗΝΑΙΙΚΩΝ-
ΑΓΙΑΣ ΠΑΡΑΣΚΕΥΗΣ	ΕΥΑΓΓΕΛΙΚΗ ΣΧΟΛΗ ΝΕΑΣ ΣΜΥΡΝΗΣ,
ΛΕΣΒΟΥ 4, ΝΕΑ ΣΜΥΡΝΗ, 17123	Από: ΣΕΠΕΤΣΙΟΓΛΟΥ ΔΗΜΗΤΡΙΟΣ
Έως: ΣΥΝΟΔΙΝΟΥ ΜΑΡΙΑ

1003	Νέας Σμύρνης /
Νέας Σμύρνης	Ε.Δ. ΜΥΤΙΛΗΝΑΙΙΚΩΝ-
ΑΓΙΑΣ ΠΑΡΑΣΚΕΥΗΣ	ΕΥΑΓΓΕΛΙΚΗ ΣΧΟΛΗ ΝΕΑΣ ΣΜΥΡΝΗΣ,
ΛΕΣΒΟΥ 4, ΝΕΑ ΣΜΥΡΝΗ, 17123	Από: ΣΥΡΙΓΟΣ ΕΥΣΤΑΘΙΟΣ
Έως: ΤΣΙΛΙΡΗΣ ΒΑΣΙΛΕΙΟΣ

1004	Νέας Σμύρνης /
Νέας Σμύρνης	Ε.Δ. ΜΥΤΙΛΗΝΑΙΙΚΩΝ-
ΑΓΙΑΣ ΠΑΡΑΣΚΕΥΗΣ	ΕΥΑΓΓΕΛΙΚΗ ΣΧΟΛΗ ΝΕΑΣ ΣΜΥΡΝΗΣ,
ΛΕΣΒΟΥ 4, ΝΕΑ ΣΜΥΡΝΗ, 17123	Από: ΤΣΙΜΕΚΗ ΑΓΓΕΛΙΚΗ
Έως: ΨΩΡΟΜΙΤΑ ΑΣΗΜΙΝΑ
